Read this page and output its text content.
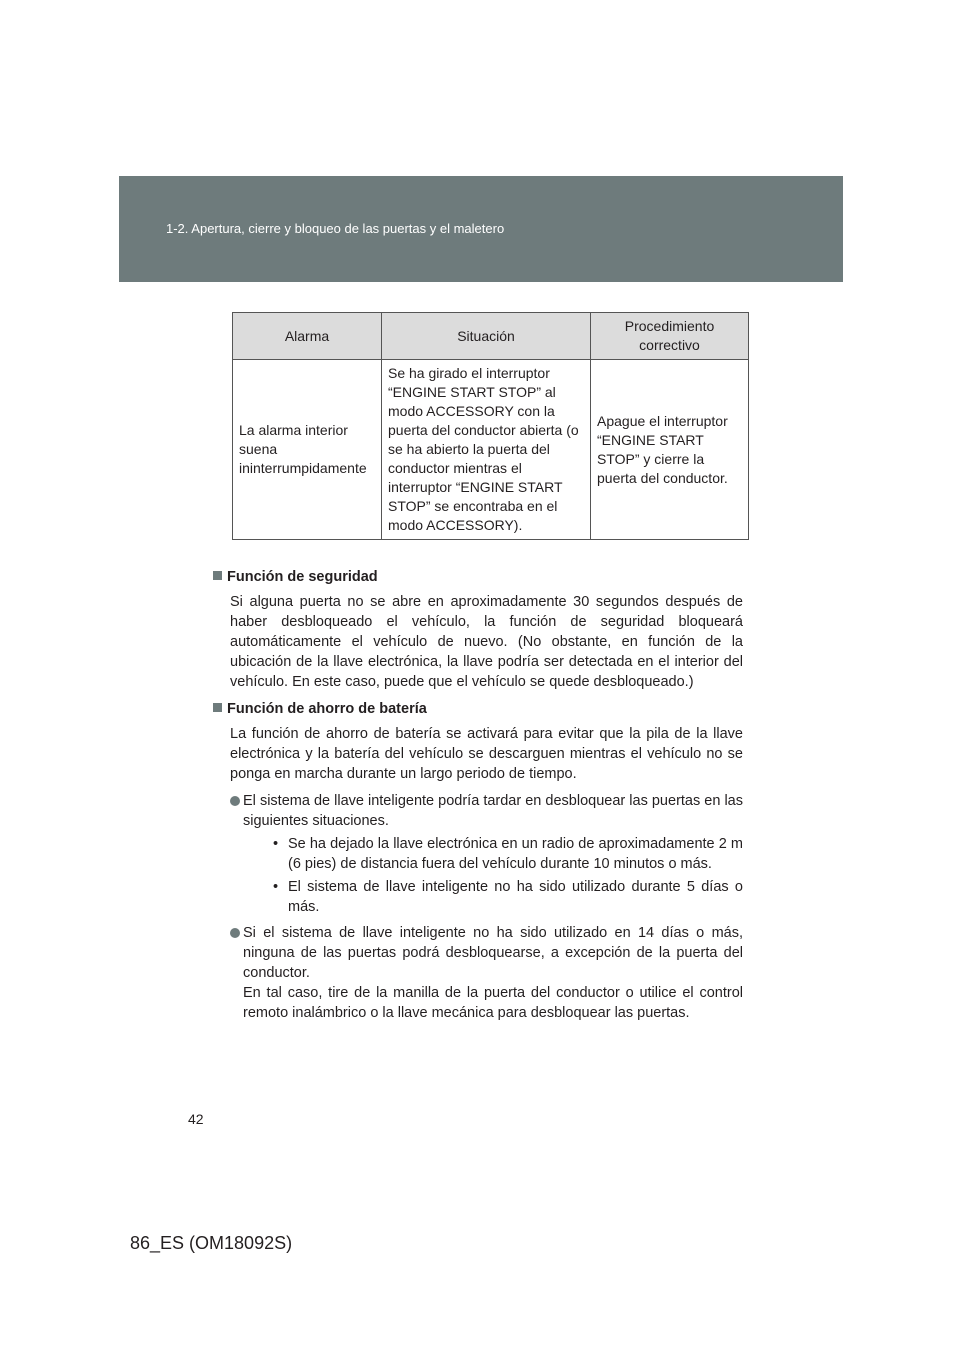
1-2. Apertura, cierre y bloqueo de las puertas y el maletero
Alarma	Situación	Procedimiento correctivo
La alarma interior suena ininterrumpidamente	Se ha girado el interruptor “ENGINE START STOP” al modo ACCESSORY con la puerta del conductor abierta (o se ha abierto la puerta del conductor mientras el interruptor “ENGINE START STOP” se encontraba en el modo ACCESSORY).	Apague el interruptor “ENGINE START STOP” y cierre la puerta del conductor.
Función de seguridad

Si alguna puerta no se abre en aproximadamente 30 segundos después de haber desbloqueado el vehículo, la función de seguridad bloqueará automáticamente el vehículo de nuevo. (No obstante, en función de la ubicación de la llave electrónica, la llave podría ser detectada en el interior del vehículo. En este caso, puede que el vehículo se quede desbloqueado.)

Función de ahorro de batería

La función de ahorro de batería se activará para evitar que la pila de la llave electrónica y la batería del vehículo se descarguen mientras el vehículo no se ponga en marcha durante un largo periodo de tiempo.

El sistema de llave inteligente podría tardar en desbloquear las puertas en las siguientes situaciones.
• Se ha dejado la llave electrónica en un radio de aproximadamente 2 m (6 pies) de distancia fuera del vehículo durante 10 minutos o más.
• El sistema de llave inteligente no ha sido utilizado durante 5 días o más.
Si el sistema de llave inteligente no ha sido utilizado en 14 días o más, ninguna de las puertas podrá desbloquearse, a excepción de la puerta del conductor.
En tal caso, tire de la manilla de la puerta del conductor o utilice el control remoto inalámbrico o la llave mecánica para desbloquear las puertas.
42
86_ES (OM18092S)
